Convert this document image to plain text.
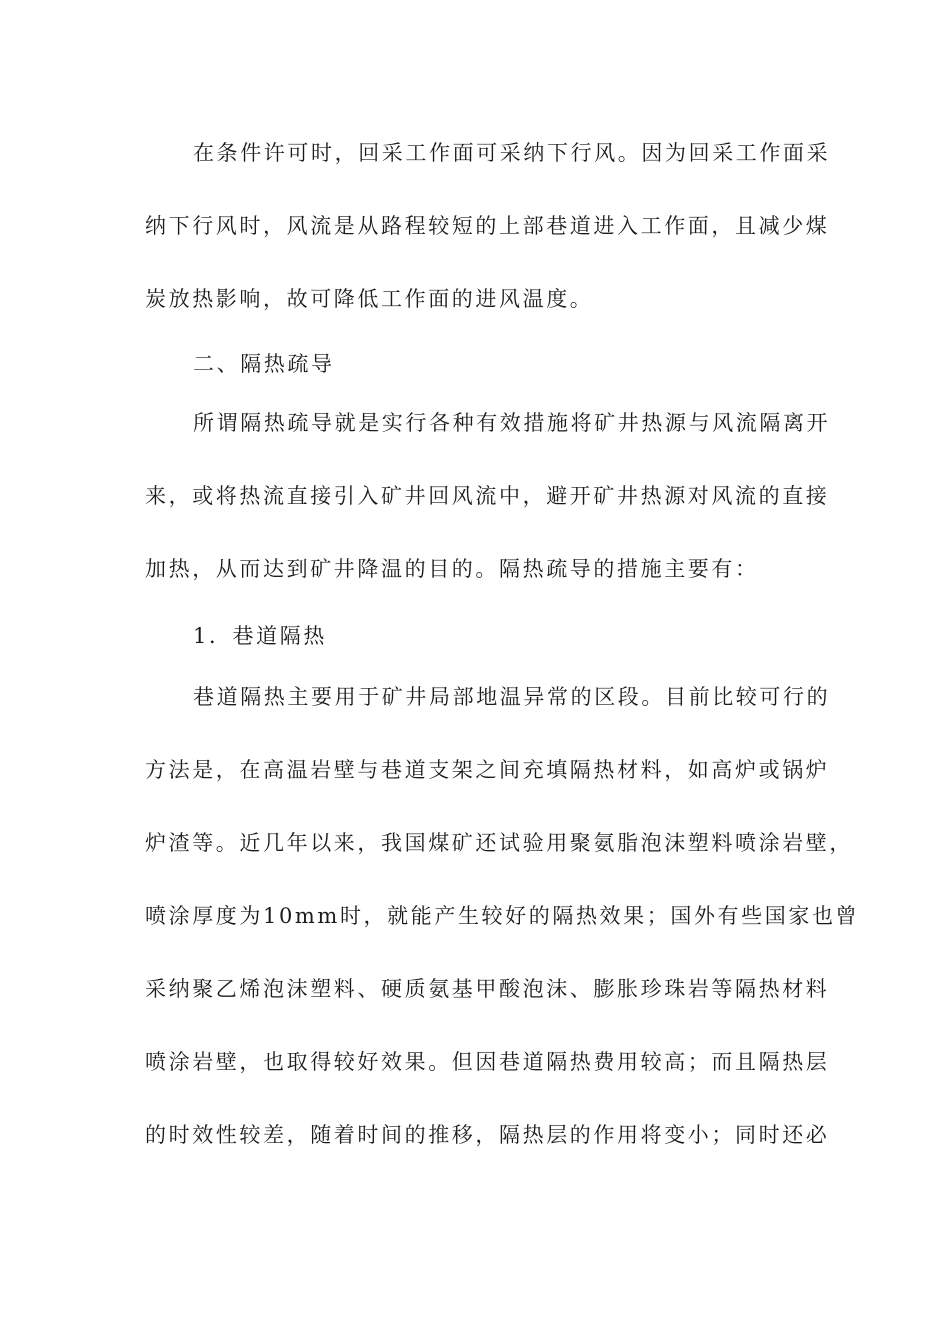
在条件许可时，回采工作面可采纳下行风。因为回采工作面采
纳下行风时，风流是从路程较短的上部巷道进入工作面，且减少煤
炭放热影响，故可降低工作面的进风温度。
二、隔热疏导
所谓隔热疏导就是实行各种有效措施将矿井热源与风流隔离开
来，或将热流直接引入矿井回风流中，避开矿井热源对风流的直接
加热，从而达到矿井降温的目的。隔热疏导的措施主要有：
1．巷道隔热
巷道隔热主要用于矿井局部地温异常的区段。目前比较可行的
方法是，在高温岩壁与巷道支架之间充填隔热材料，如高炉或锅炉
炉渣等。近几年以来，我国煤矿还试验用聚氨脂泡沫塑料喷涂岩壁，
喷涂厚度为10mm时，就能产生较好的隔热效果；国外有些国家也曾
采纳聚乙烯泡沫塑料、硬质氨基甲酸泡沫、膨胀珍珠岩等隔热材料
喷涂岩壁，也取得较好效果。但因巷道隔热费用较高；而且隔热层
的时效性较差，随着时间的推移，隔热层的作用将变小；同时还必
